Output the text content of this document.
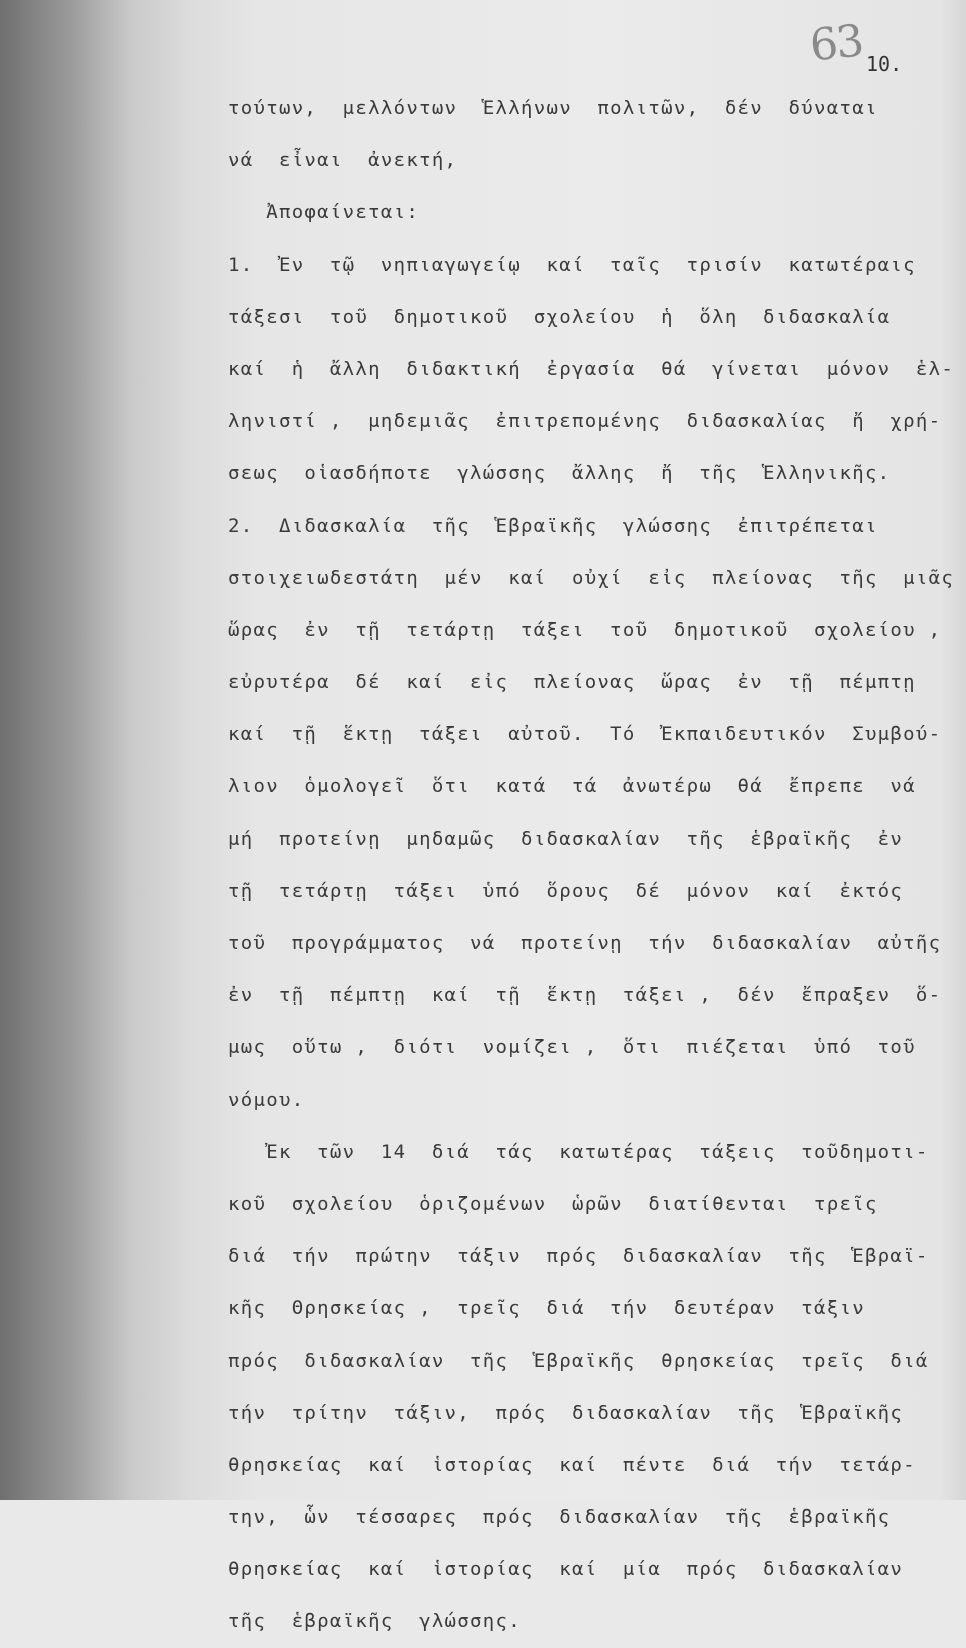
63 10.
τούτων,  μελλόντων  Ἑλλήνων  πολιτῶν,  δέν  δύναται
νά  εἶναι  ἀνεκτή,
Ἀποφαίνεται:
1.  Ἐν  τῷ  νηπιαγωγείῳ  καί  ταῖς  τρισίν  κατωτέραις
τάξεσι  τοῦ  δημοτικοῦ  σχολείου  ἡ  ὅλη  διδασκαλία
καί  ἡ  ἄλλη  διδακτική  ἐργασία  θά  γίνεται  μόνον  ἑλ-
ληνιστί ,  μηδεμιᾶς  ἐπιτρεπομένης  διδασκαλίας  ἤ  χρή-
σεως  οἱασδήποτε  γλώσσης  ἄλλης  ἤ  τῆς  Ἑλληνικῆς.
2.  Διδασκαλία  τῆς  Ἑβραϊκῆς  γλώσσης  ἐπιτρέπεται
στοιχειωδεστάτη  μέν  καί  οὐχί  εἰς  πλείονας  τῆς  μιᾶς
ὥρας  ἐν  τῇ  τετάρτῃ  τάξει  τοῦ  δημοτικοῦ  σχολείου ,
εὐρυτέρα  δέ  καί  εἰς  πλείονας  ὥρας  ἐν  τῇ  πέμπτῃ
καί  τῇ  ἕκτῃ  τάξει  αὐτοῦ.  Τό  Ἐκπαιδευτικόν  Συμβού-
λιον  ὁμολογεῖ  ὅτι  κατά  τά  ἀνωτέρω  θά  ἔπρεπε  νά
μή  προτείνῃ  μηδαμῶς  διδασκαλίαν  τῆς  ἑβραϊκῆς  ἐν
τῇ  τετάρτῃ  τάξει  ὑπό  ὅρους  δέ  μόνον  καί  ἐκτός
τοῦ  προγράμματος  νά  προτείνῃ  τήν  διδασκαλίαν  αὐτῆς
ἐν  τῇ  πέμπτῃ  καί  τῇ  ἕκτῃ  τάξει ,  δέν  ἔπραξεν  ὅ-
μως  οὕτω ,  διότι  νομίζει ,  ὅτι  πιέζεται  ὑπό  τοῦ
νόμου.
Ἐκ  τῶν  14  διά  τάς  κατωτέρας  τάξεις  τοῦδημοτι-
κοῦ  σχολείου  ὁριζομένων  ὡρῶν  διατίθενται  τρεῖς
διά  τήν  πρώτην  τάξιν  πρός  διδασκαλίαν  τῆς  Ἑβραϊ-
κῆς  Θρησκείας ,  τρεῖς  διά  τήν  δευτέραν  τάξιν
πρός  διδασκαλίαν  τῆς  Ἑβραϊκῆς  θρησκείας  τρεῖς  διά
τήν  τρίτην  τάξιν,  πρός  διδασκαλίαν  τῆς  Ἑβραϊκῆς
θρησκείας  καί  ἱστορίας  καί  πέντε  διά  τήν  τετάρ-
την,  ὧν  τέσσαρες  πρός  διδασκαλίαν  τῆς  ἑβραϊκῆς
θρησκείας  καί  ἱστορίας  καί  μία  πρός  διδασκαλίαν
τῆς  ἑβραϊκῆς  γλώσσης.
